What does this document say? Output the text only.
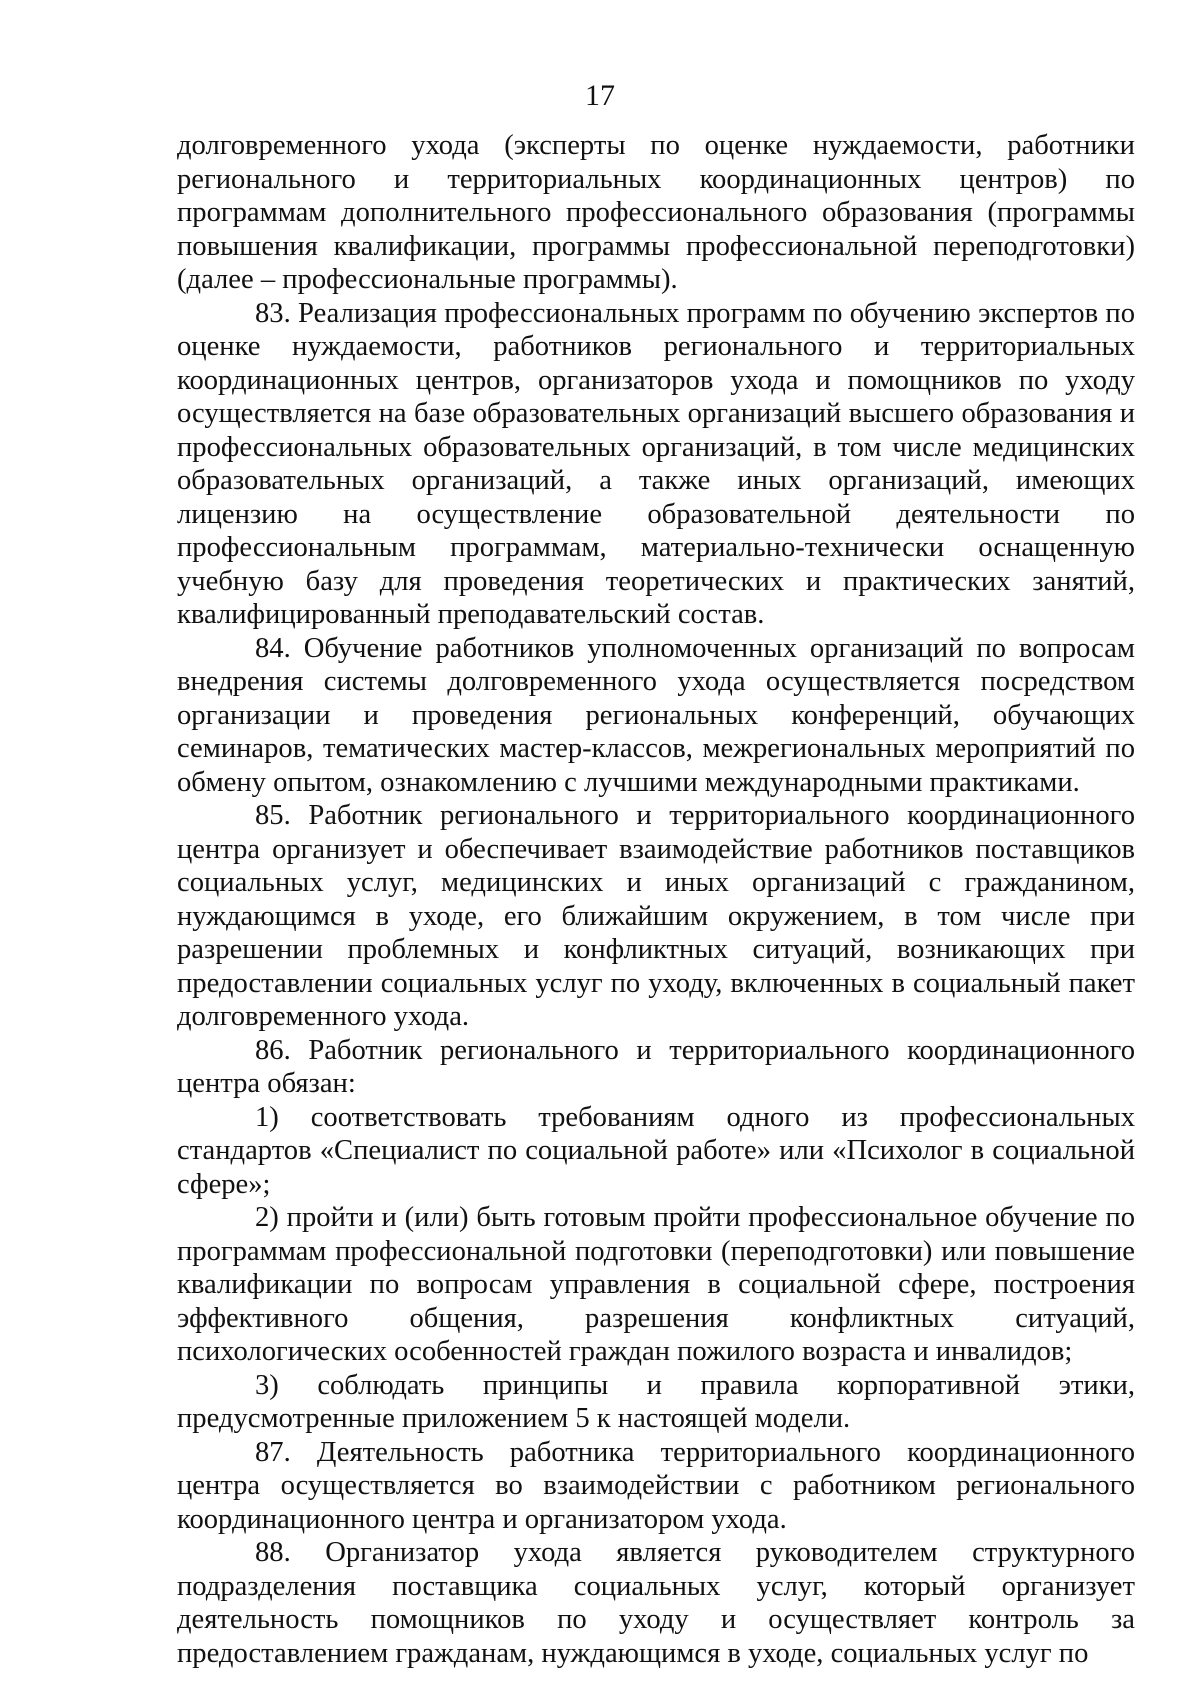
17

долговременного ухода (эксперты по оценке нуждаемости, работники регионального и территориальных координационных центров) по программам дополнительного профессионального образования (программы повышения квалификации, программы профессиональной переподготовки) (далее – профессиональные программы).

83. Реализация профессиональных программ по обучению экспертов по оценке нуждаемости, работников регионального и территориальных координационных центров, организаторов ухода и помощников по уходу осуществляется на базе образовательных организаций высшего образования и профессиональных образовательных организаций, в том числе медицинских образовательных организаций, а также иных организаций, имеющих лицензию на осуществление образовательной деятельности по профессиональным программам, материально-технически оснащенную учебную базу для проведения теоретических и практических занятий, квалифицированный преподавательский состав.

84. Обучение работников уполномоченных организаций по вопросам внедрения системы долговременного ухода осуществляется посредством организации и проведения региональных конференций, обучающих семинаров, тематических мастер-классов, межрегиональных мероприятий по обмену опытом, ознакомлению с лучшими международными практиками.

85. Работник регионального и территориального координационного центра организует и обеспечивает взаимодействие работников поставщиков социальных услуг, медицинских и иных организаций с гражданином, нуждающимся в уходе, его ближайшим окружением, в том числе при разрешении проблемных и конфликтных ситуаций, возникающих при предоставлении социальных услуг по уходу, включенных в социальный пакет долговременного ухода.

86. Работник регионального и территориального координационного центра обязан:

1) соответствовать требованиям одного из профессиональных стандартов «Специалист по социальной работе» или «Психолог в социальной сфере»;

2) пройти и (или) быть готовым пройти профессиональное обучение по программам профессиональной подготовки (переподготовки) или повышение квалификации по вопросам управления в социальной сфере, построения эффективного общения, разрешения конфликтных ситуаций, психологических особенностей граждан пожилого возраста и инвалидов;

3) соблюдать принципы и правила корпоративной этики, предусмотренные приложением 5 к настоящей модели.

87. Деятельность работника территориального координационного центра осуществляется во взаимодействии с работником регионального координационного центра и организатором ухода.

88. Организатор ухода является руководителем структурного подразделения поставщика социальных услуг, который организует деятельность помощников по уходу и осуществляет контроль за предоставлением гражданам, нуждающимся в уходе, социальных услуг по
